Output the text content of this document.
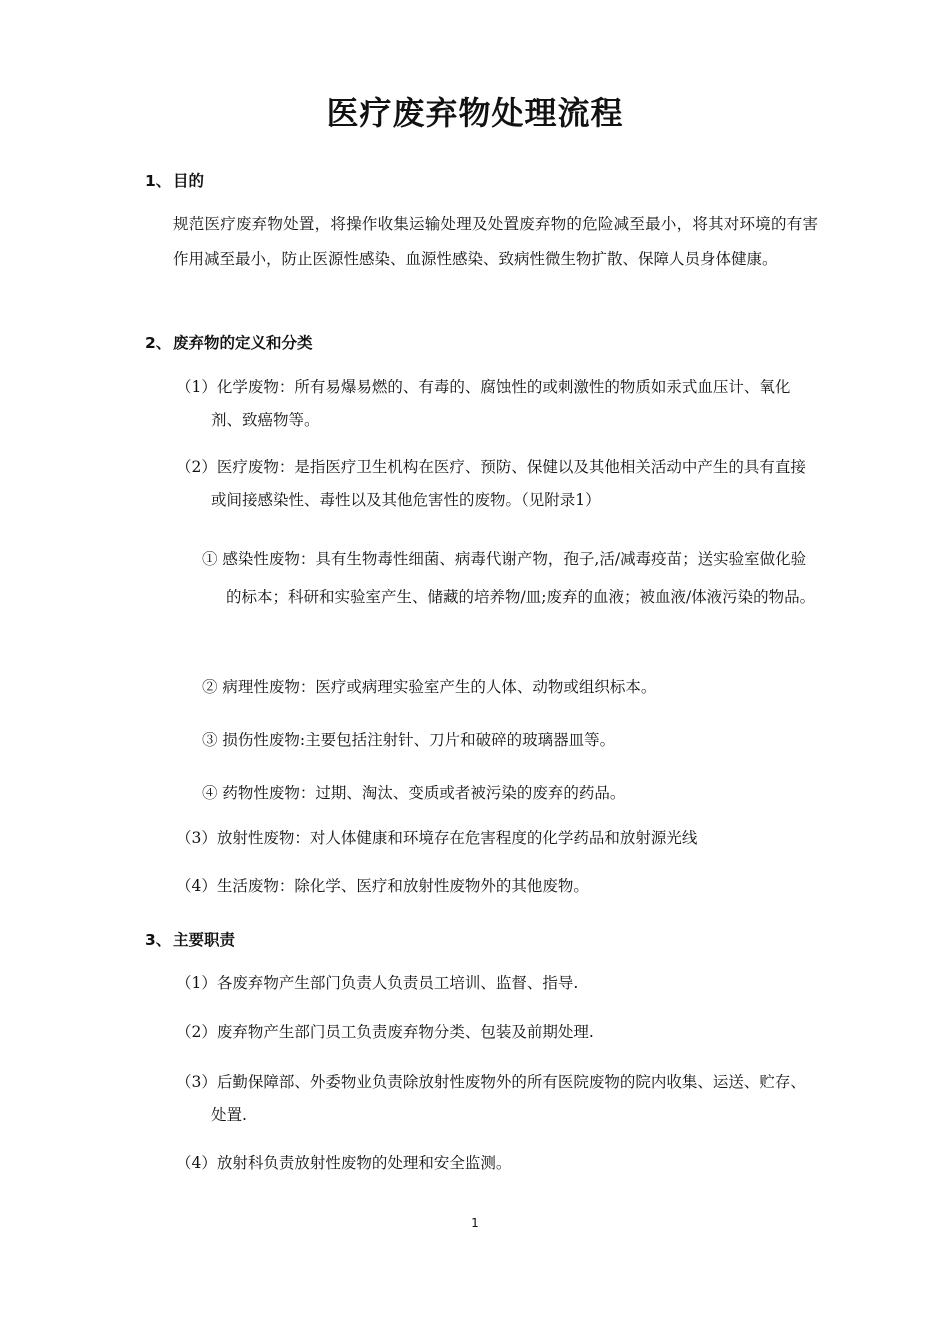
医疗废弃物处理流程
1、 目的
规范医疗废弃物处置，将操作收集运输处理及处置废弃物的危险减至最小，将其对环境的有害作用减至最小，防止医源性感染、血源性感染、致病性微生物扩散、保障人员身体健康。
2、 废弃物的定义和分类
（1）化学废物：所有易爆易燃的、有毒的、腐蚀性的或刺激性的物质如汞式血压计、氧化剂、致癌物等。
（2）医疗废物：是指医疗卫生机构在医疗、预防、保健以及其他相关活动中产生的具有直接或间接感染性、毒性以及其他危害性的废物。（见附录1）
① 感染性废物：具有生物毒性细菌、病毒代谢产物，孢子,活/减毒疫苗；送实验室做化验的标本；科研和实验室产生、储藏的培养物/皿;废弃的血液；被血液/体液污染的物品。
② 病理性废物：医疗或病理实验室产生的人体、动物或组织标本。
③ 损伤性废物:主要包括注射针、刀片和破碎的玻璃器皿等。
④ 药物性废物：过期、淘汰、变质或者被污染的废弃的药品。
（3）放射性废物：对人体健康和环境存在危害程度的化学药品和放射源光线
（4）生活废物：除化学、医疗和放射性废物外的其他废物。
3、 主要职责
（1）各废弃物产生部门负责人负责员工培训、监督、指导.
（2）废弃物产生部门员工负责废弃物分类、包装及前期处理.
（3）后勤保障部、外委物业负责除放射性废物外的所有医院废物的院内收集、运送、贮存、处置.
（4）放射科负责放射性废物的处理和安全监测。
1
